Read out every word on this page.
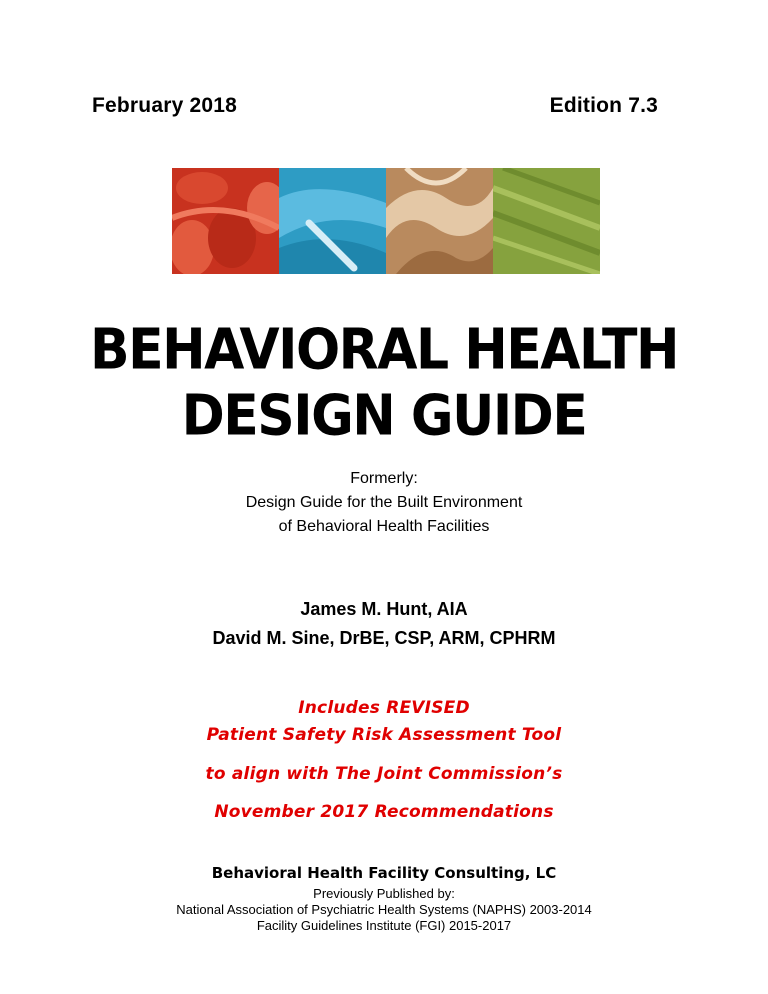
February 2018	Edition 7.3
BEHAVIORAL HEALTH
DESIGN GUIDE
Formerly:
Design Guide for the Built Environment
of Behavioral Health Facilities
James M. Hunt, AIA
David M. Sine, DrBE, CSP, ARM, CPHRM
Includes REVISED
Patient Safety Risk Assessment Tool
to align with The Joint Commission’s
November 2017 Recommendations
Behavioral Health Facility Consulting, LC
Previously Published by:
National Association of Psychiatric Health Systems (NAPHS) 2003-2014
Facility Guidelines Institute (FGI) 2015-2017
